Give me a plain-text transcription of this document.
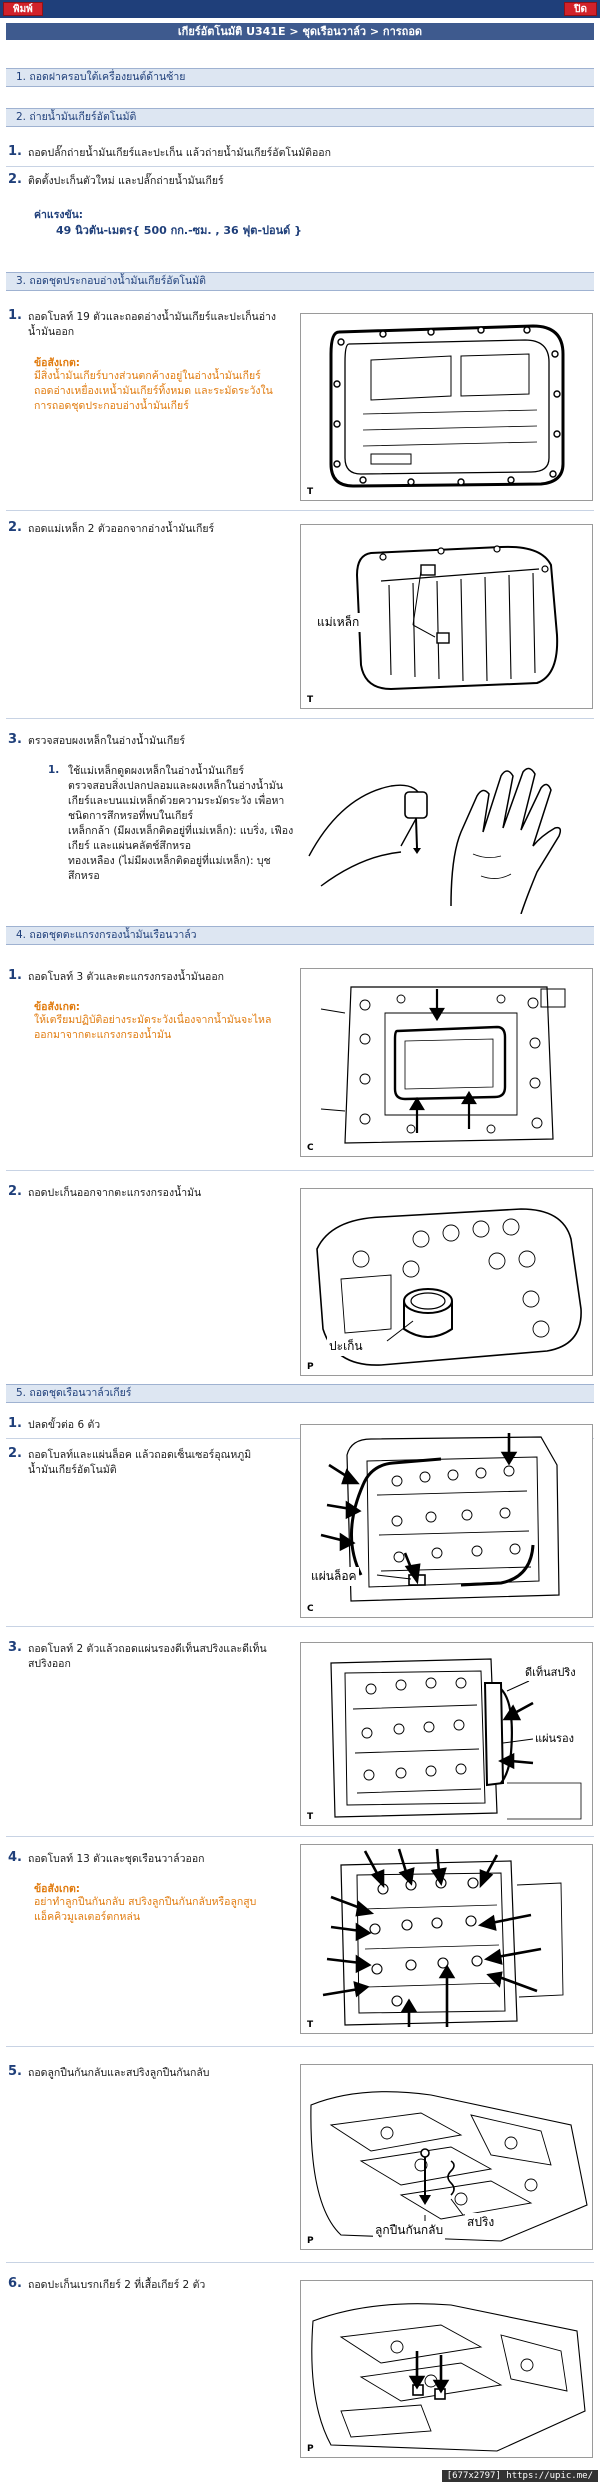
พิมพ์	ปิด
เกียร์อัตโนมัติ U341E > ชุดเรือนวาล์ว > การถอด
1. ถอดฝาครอบใต้เครื่องยนต์ด้านซ้าย
2. ถ่ายน้ำมันเกียร์อัตโนมัติ
1. ถอดปลั๊กถ่ายน้ำมันเกียร์และปะเก็น แล้วถ่ายน้ำมันเกียร์อัตโนมัติออก
2. ติดตั้งปะเก็นตัวใหม่ และปลั๊กถ่ายน้ำมันเกียร์
ค่าแรงขัน:
49 นิวตัน-เมตร{ 500 กก.-ซม. , 36 ฟุต-ปอนด์ }
3. ถอดชุดประกอบอ่างน้ำมันเกียร์อัตโนมัติ
1. ถอดโบลท์ 19 ตัวและถอดอ่างน้ำมันเกียร์และปะเก็นอ่าง
น้ำมันออก
ข้อสังเกต:
มีสิ่งน้ำมันเกียร์บางส่วนตกค้างอยู่ในอ่างน้ำมันเกียร์
ถอดอ่างเหยื่องเหน้ำมันเกียร์ทิ้งหมด และระมัดระวังใน
การถอดชุดประกอบอ่างน้ำมันเกียร์
T
2. ถอดแม่เหล็ก 2 ตัวออกจากอ่างน้ำมันเกียร์
แม่เหล็ก
T
3. ตรวจสอบผงเหล็กในอ่างน้ำมันเกียร์
1. ใช้แม่เหล็กดูดผงเหล็กในอ่างน้ำมันเกียร์
ตรวจสอบสิ่งเปลกปลอมและผงเหล็กในอ่างน้ำมัน
เกียร์และบนแม่เหล็กด้วยความระมัดระวัง เพื่อหา
ชนิดการสึกหรอที่พบในเกียร์
เหล็กกล้า (มีผงเหล็กติดอยู่ที่แม่เหล็ก): แบริ่ง, เฟือง
เกียร์ และแผ่นคลัตช์สึกหรอ
ทองเหลือง (ไม่มีผงเหล็กติดอยู่ที่แม่เหล็ก): บุช
สึกหรอ
4. ถอดชุดตะแกรงกรองน้ำมันเรือนวาล์ว
1. ถอดโบลท์ 3 ตัวและตะแกรงกรองน้ำมันออก
ข้อสังเกต:
ให้เตรียมปฏิบัติอย่างระมัดระวังเนื่องจากน้ำมันจะไหล
ออกมาจากตะแกรงกรองน้ำมัน
C
2. ถอดปะเก็นออกจากตะแกรงกรองน้ำมัน
ปะเก็น
P
5. ถอดชุดเรือนวาล์วเกียร์
1. ปลดขั้วต่อ 6 ตัว
2. ถอดโบลท์และแผ่นล็อค แล้วถอดเซ็นเซอร์อุณหภูมิ
น้ำมันเกียร์อัตโนมัติ
แผ่นล็อค
C
3. ถอดโบลท์ 2 ตัวแล้วถอดแผ่นรองดีเท็นสปริงและดีเท็น
สปริงออก
ดีเท็นสปริง
แผ่นรอง
T
4. ถอดโบลท์ 13 ตัวและชุดเรือนวาล์วออก
ข้อสังเกต:
อย่าทำลูกปืนกันกลับ สปริงลูกปืนกันกลับหรือลูกสูบ
แอ็คคิวมูเลเตอร์ตกหล่น
T
5. ถอดลูกปืนกันกลับและสปริงลูกปืนกันกลับ
ลูกปืนกันกลับ
สปริง
P
6. ถอดปะเก็นเบรกเกียร์ 2 ที่เสื้อเกียร์ 2 ตัว
P
[677x2797] https://upic.me/
